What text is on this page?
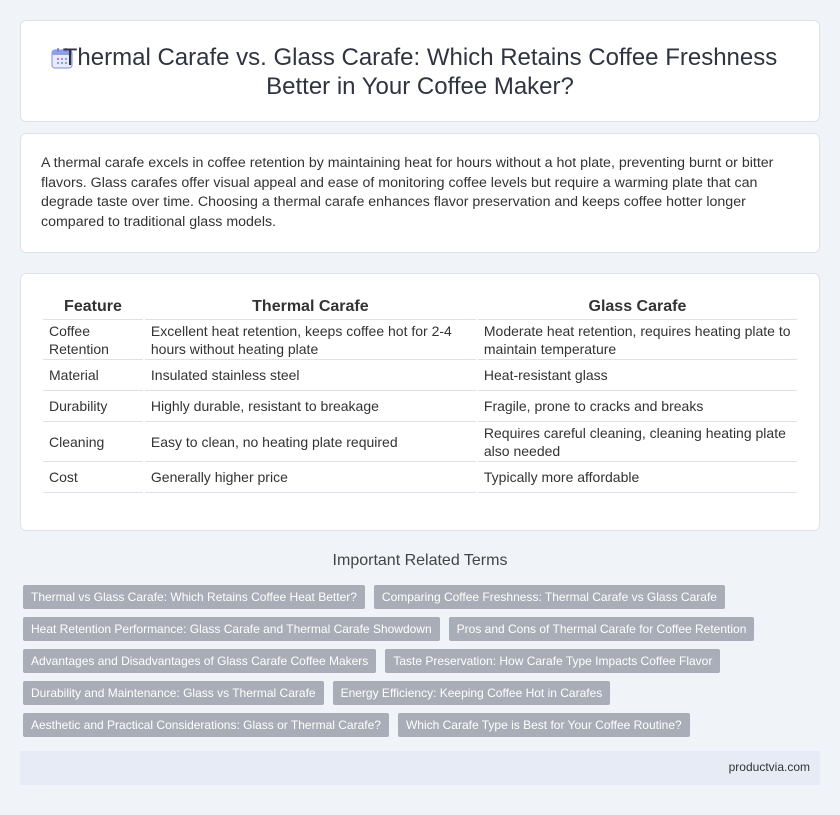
Thermal Carafe vs. Glass Carafe: Which Retains Coffee Freshness Better in Your Coffee Maker?

A thermal carafe excels in coffee retention by maintaining heat for hours without a hot plate, preventing burnt or bitter flavors. Glass carafes offer visual appeal and ease of monitoring coffee levels but require a warming plate that can degrade taste over time. Choosing a thermal carafe enhances flavor preservation and keeps coffee hotter longer compared to traditional glass models.

Feature	Thermal Carafe	Glass Carafe
Coffee Retention	Excellent heat retention, keeps coffee hot for 2-4 hours without heating plate	Moderate heat retention, requires heating plate to maintain temperature
Material	Insulated stainless steel	Heat-resistant glass
Durability	Highly durable, resistant to breakage	Fragile, prone to cracks and breaks
Cleaning	Easy to clean, no heating plate required	Requires careful cleaning, cleaning heating plate also needed
Cost	Generally higher price	Typically more affordable
Important Related Terms
Thermal vs Glass Carafe: Which Retains Coffee Heat Better?	Comparing Coffee Freshness: Thermal Carafe vs Glass Carafe
Heat Retention Performance: Glass Carafe and Thermal Carafe Showdown	Pros and Cons of Thermal Carafe for Coffee Retention
Advantages and Disadvantages of Glass Carafe Coffee Makers	Taste Preservation: How Carafe Type Impacts Coffee Flavor
Durability and Maintenance: Glass vs Thermal Carafe	Energy Efficiency: Keeping Coffee Hot in Carafes
Aesthetic and Practical Considerations: Glass or Thermal Carafe?	Which Carafe Type is Best for Your Coffee Routine?
productvia.com
